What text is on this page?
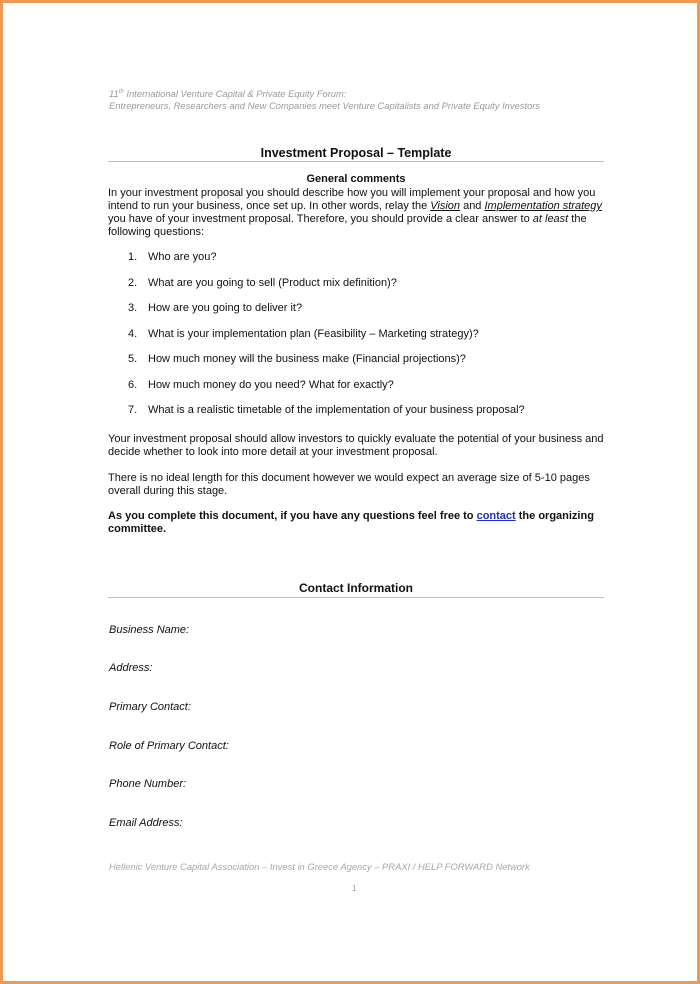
11th International Venture Capital & Private Equity Forum:
Entrepreneurs, Researchers and New Companies meet Venture Capitalists and Private Equity Investors
Investment Proposal – Template
General comments
In your investment proposal you should describe how you will implement your proposal and how you intend to run your business, once set up. In other words, relay the Vision and Implementation strategy you have of your investment proposal. Therefore, you should provide a clear answer to at least the following questions:
1. Who are you?
2. What are you going to sell (Product mix definition)?
3. How are you going to deliver it?
4. What is your implementation plan (Feasibility – Marketing strategy)?
5. How much money will the business make (Financial projections)?
6. How much money do you need? What for exactly?
7. What is a realistic timetable of the implementation of your business proposal?
Your investment proposal should allow investors to quickly evaluate the potential of your business and decide whether to look into more detail at your investment proposal.
There is no ideal length for this document however we would expect an average size of 5-10 pages overall during this stage.
As you complete this document, if you have any questions feel free to contact the organizing committee.
Contact Information
Business Name:
Address:
Primary Contact:
Role of Primary Contact:
Phone Number:
Email Address:
Hellenic Venture Capital Association – Invest in Greece Agency – PRAXI / HELP FORWARD Network
1
